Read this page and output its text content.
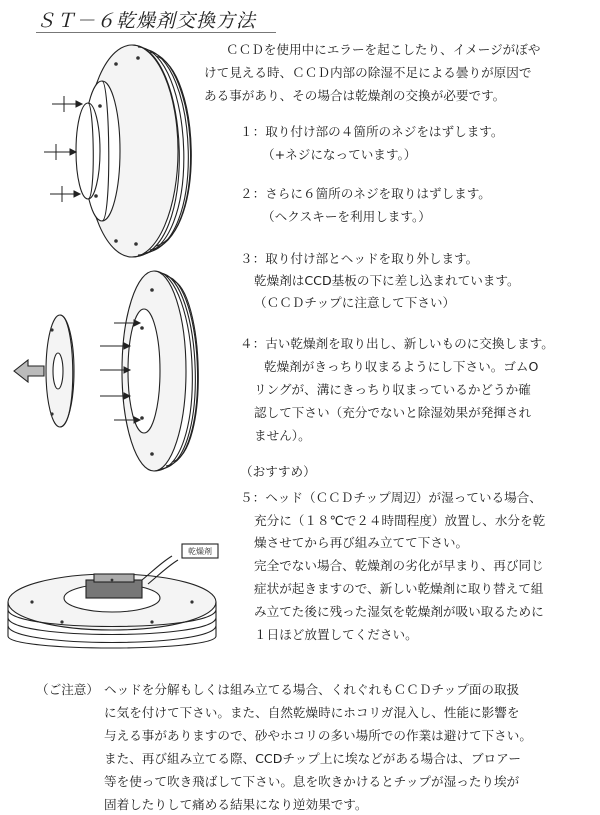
ＳＴ－６乾燥剤交換方法
ＣＣＤを使用中にエラーを起こしたり、イメージがぼや
けて見える時、ＣＣＤ内部の除湿不足による曇りが原因で
ある事があり、その場合は乾燥剤の交換が必要です。
１：取り付け部の４箇所のネジをはずします。
（+ネジになっています。）
２：さらに６箇所のネジを取りはずします。
（ヘクスキーを利用します。）
３：取り付け部とヘッドを取り外します。
乾燥剤はCCD基板の下に差し込まれています。
（ＣＣＤチップに注意して下さい）
４：古い乾燥剤を取り出し、新しいものに交換します。
乾燥剤がきっちり収まるようにし下さい。ゴムO
リングが、溝にきっちり収まっているかどうか確
認して下さい（充分でないと除湿効果が発揮され
ません）。
（おすすめ）
５：ヘッド（ＣＣＤチップ周辺）が湿っている場合、
充分に（１８℃で２４時間程度）放置し、水分を乾
燥させてから再び組み立てて下さい。
完全でない場合、乾燥剤の劣化が早まり、再び同じ
症状が起きますので、新しい乾燥剤に取り替えて組
み立てた後に残った湿気を乾燥剤が吸い取るために
１日ほど放置してください。
（ご注意） ヘッドを分解もしくは組み立てる場合、くれぐれもＣＣＤチップ面の取扱
に気を付けて下さい。また、自然乾燥時にホコリガ混入し、性能に影響を
与える事がありますので、砂やホコリの多い場所での作業は避けて下さい。
また、再び組み立てる際、CCDチップ上に埃などがある場合は、ブロアー
等を使って吹き飛ばして下さい。息を吹きかけるとチップが湿ったり埃が
固着したりして痛める結果になり逆効果です。
乾燥剤
